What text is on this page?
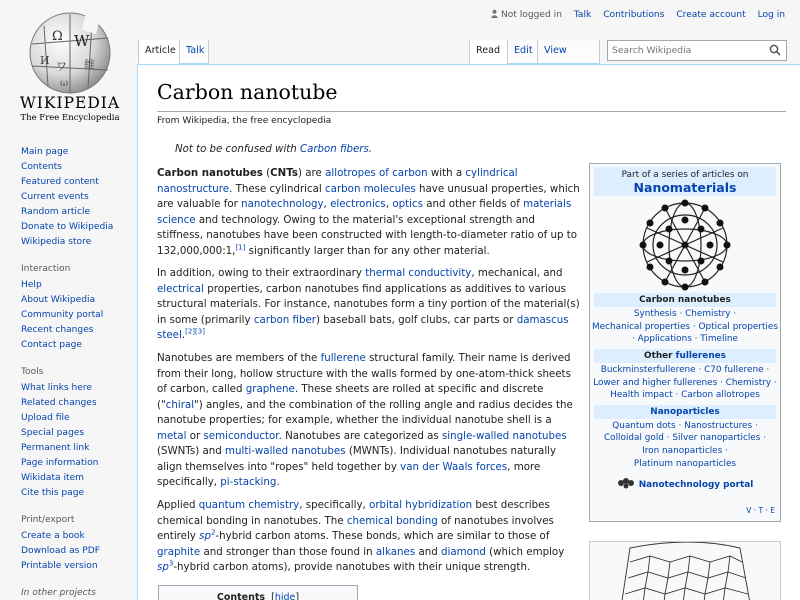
Ω W
И ワ 維
ω
WIKIPEDIA
The Free Encyclopedia
Not logged in Talk Contributions Create account Log in
Article	Talk	Read	Edit	View	Search Wikipedia
Main page
Contents
Featured content
Current events
Random article
Donate to Wikipedia
Wikipedia store
Interaction
Help
About Wikipedia
Community portal
Recent changes
Contact page
Tools
What links here
Related changes
Upload file
Special pages
Permanent link
Page information
Wikidata item
Cite this page
Print/export
Create a book
Download as PDF
Printable version
In other projects
Carbon nanotube
From Wikipedia, the free encyclopedia
Not to be confused with Carbon fibers.

Carbon nanotubes (CNTs) are allotropes of carbon with a cylindrical nanostructure. These cylindrical carbon molecules have unusual properties, which are valuable for nanotechnology, electronics, optics and other fields of materials science and technology. Owing to the material's exceptional strength and stiffness, nanotubes have been constructed with length-to-diameter ratio of up to 132,000,000:1,[1] significantly larger than for any other material.

In addition, owing to their extraordinary thermal conductivity, mechanical, and electrical properties, carbon nanotubes find applications as additives to various structural materials. For instance, nanotubes form a tiny portion of the material(s) in some (primarily carbon fiber) baseball bats, golf clubs, car parts or damascus steel.[2][3]

Nanotubes are members of the fullerene structural family. Their name is derived from their long, hollow structure with the walls formed by one-atom-thick sheets of carbon, called graphene. These sheets are rolled at specific and discrete ("chiral") angles, and the combination of the rolling angle and radius decides the nanotube properties; for example, whether the individual nanotube shell is a metal or semiconductor. Nanotubes are categorized as single-walled nanotubes (SWNTs) and multi-walled nanotubes (MWNTs). Individual nanotubes naturally align themselves into "ropes" held together by van der Waals forces, more specifically, pi-stacking.

Applied quantum chemistry, specifically, orbital hybridization best describes chemical bonding in nanotubes. The chemical bonding of nanotubes involves entirely $sp^2$-hybrid carbon atoms. These bonds, which are similar to those of graphite and stronger than those found in alkanes and diamond (which employ $sp^3$-hybrid carbon atoms), provide nanotubes with their unique strength.

Part of a series of articles on
Nanomaterials
Carbon nanotubes
Synthesis · Chemistry ·
Mechanical properties · Optical properties
· Applications · Timeline
Other fullerenes
Buckminsterfullerene · C70 fullerene ·
Lower and higher fullerenes · Chemistry ·
Health impact · Carbon allotropes
Nanoparticles
Quantum dots · Nanostructures ·
Colloidal gold · Silver nanoparticles ·
Iron nanoparticles ·
Platinum nanoparticles
Nanotechnology portal
V · T · E
Contents  [hide]
